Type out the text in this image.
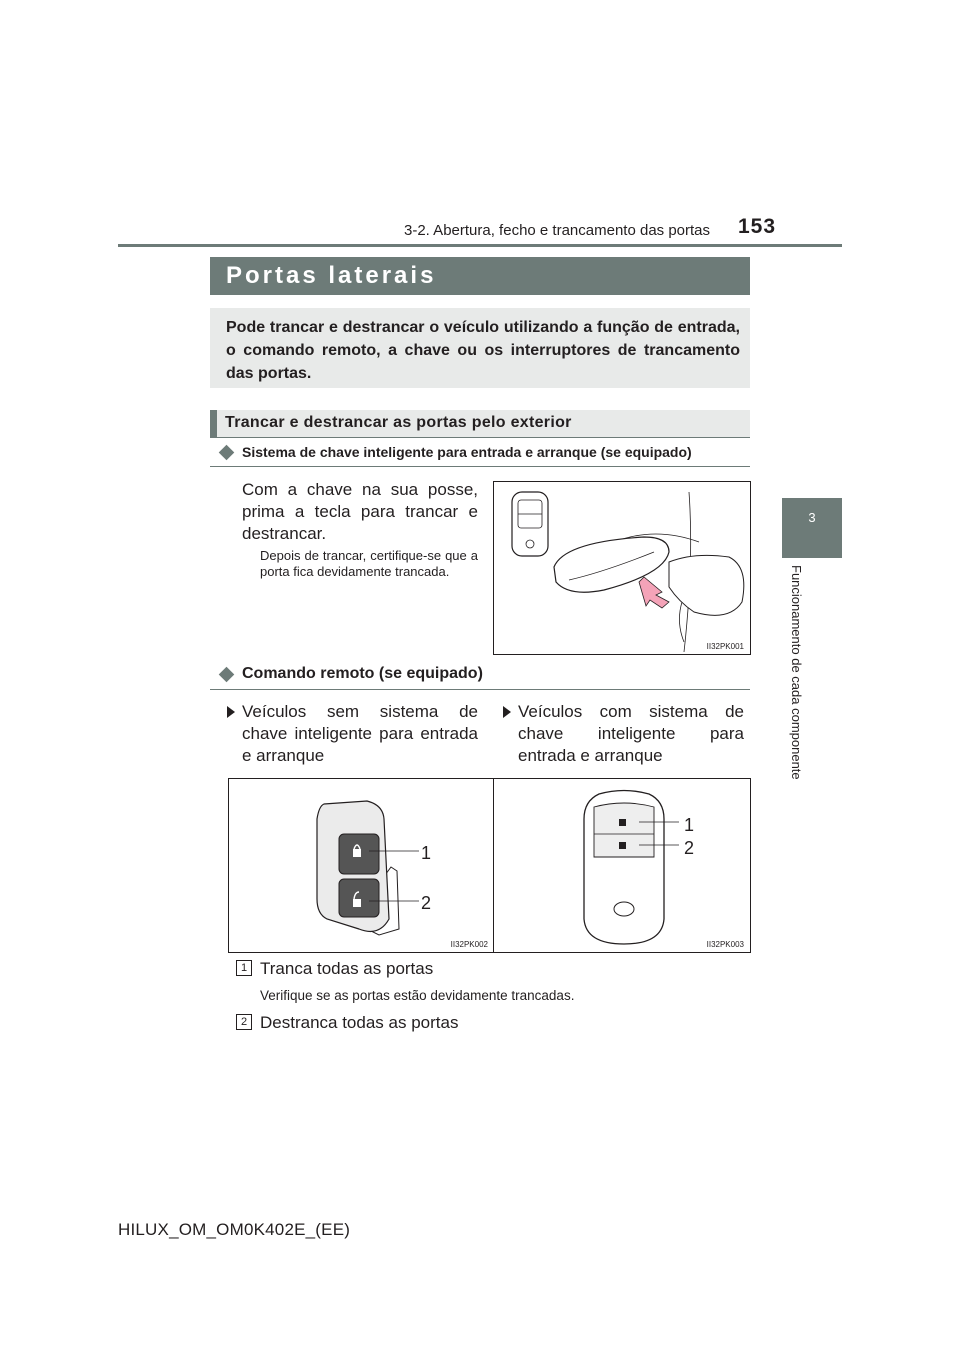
3-2. Abertura, fecho e trancamento das portas 153
3
Funcionamento de cada componente
Portas laterais
Pode trancar e destrancar o veículo utilizando a função de entrada, o comando remoto, a chave ou os interruptores de trancamento das portas.
Trancar e destrancar as portas pelo exterior
Sistema de chave inteligente para entrada e arranque (se equipado)
Com a chave na sua posse, prima a tecla para trancar e destrancar.
Depois de trancar, certifique-se que a porta fica devidamente trancada.
II32PK001
Comando remoto (se equipado)
Veículos sem sistema de chave inteligente para entrada e arranque
Veículos com sistema de chave inteligente para entrada e arranque
1
2
II32PK002
1
2
II32PK003
1 Tranca todas as portas
Verifique se as portas estão devidamente trancadas.
2 Destranca todas as portas
HILUX_OM_OM0K402E_(EE)
